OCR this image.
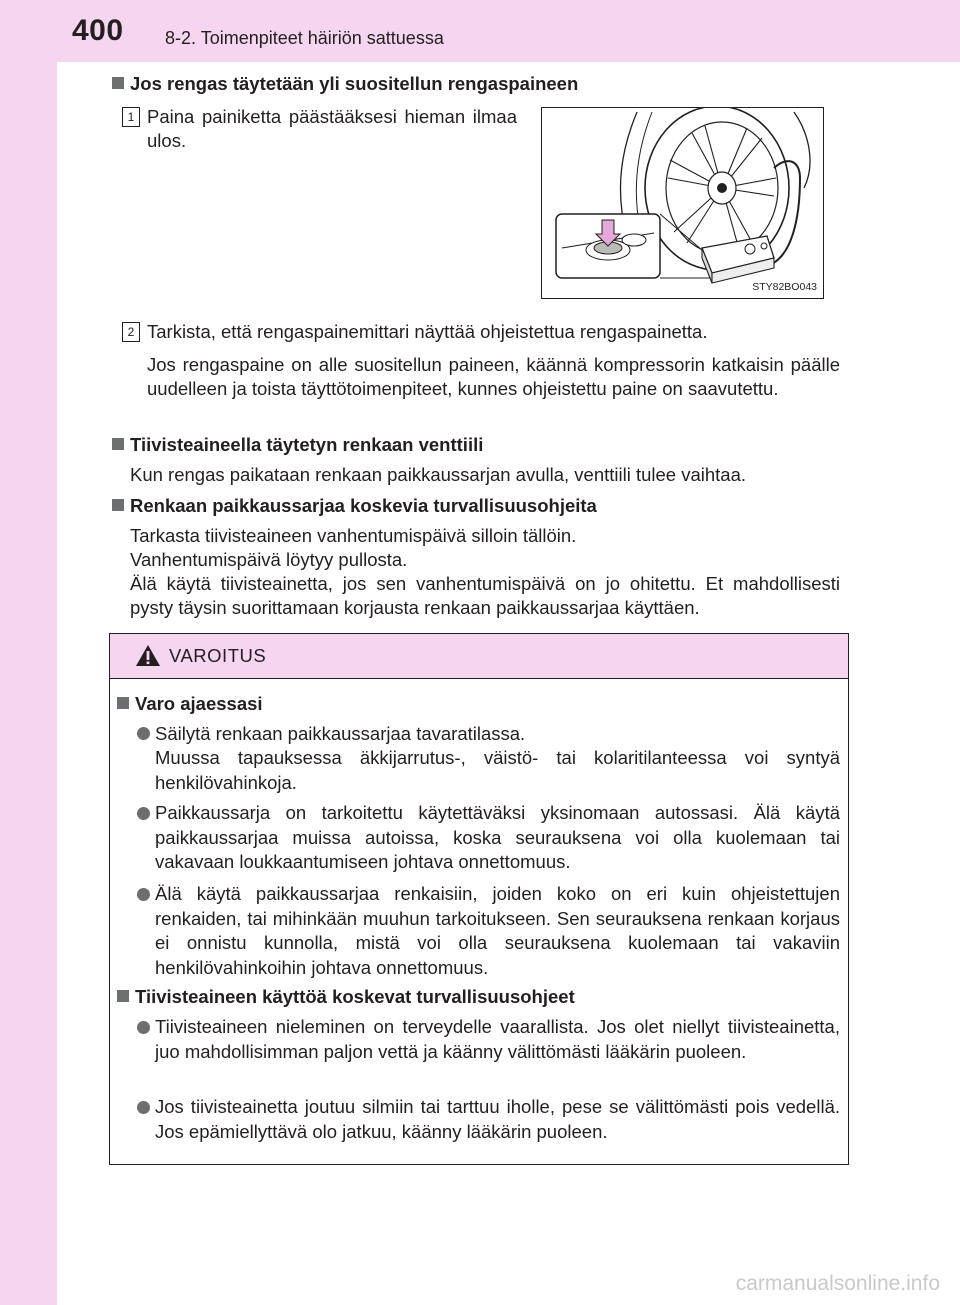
400 8-2. Toimenpiteet häiriön sattuessa
Jos rengas täytetään yli suositellun rengaspaineen
1 Paina painiketta päästääksesi hieman ilmaa ulos.
STY82BO043
2 Tarkista, että rengaspainemittari näyttää ohjeistettua rengaspainetta.
Jos rengaspaine on alle suositellun paineen, käännä kompressorin katkaisin päälle uudelleen ja toista täyttötoimenpiteet, kunnes ohjeistettu paine on saavutettu.
Tiivisteaineella täytetyn renkaan venttiili
Kun rengas paikataan renkaan paikkaussarjan avulla, venttiili tulee vaihtaa.
Renkaan paikkaussarjaa koskevia turvallisuusohjeita
Tarkasta tiivisteaineen vanhentumispäivä silloin tällöin.
Vanhentumispäivä löytyy pullosta.
Älä käytä tiivisteainetta, jos sen vanhentumispäivä on jo ohitettu. Et mahdollisesti pysty täysin suorittamaan korjausta renkaan paikkaussarjaa käyttäen.
VAROITUS
Varo ajaessasi
Säilytä renkaan paikkaussarjaa tavaratilassa.
Muussa tapauksessa äkkijarrutus-, väistö- tai kolaritilanteessa voi syntyä henkilövahinkoja.
Paikkaussarja on tarkoitettu käytettäväksi yksinomaan autossasi. Älä käytä paikkaussarjaa muissa autoissa, koska seurauksena voi olla kuolemaan tai vakavaan loukkaantumiseen johtava onnettomuus.
Älä käytä paikkaussarjaa renkaisiin, joiden koko on eri kuin ohjeistettujen renkaiden, tai mihinkään muuhun tarkoitukseen. Sen seurauksena renkaan korjaus ei onnistu kunnolla, mistä voi olla seurauksena kuolemaan tai vakaviin henkilövahinkoihin johtava onnettomuus.
Tiivisteaineen käyttöä koskevat turvallisuusohjeet
Tiivisteaineen nieleminen on terveydelle vaarallista. Jos olet niellyt tiivisteainetta, juo mahdollisimman paljon vettä ja käänny välittömästi lääkärin puoleen.
Jos tiivisteainetta joutuu silmiin tai tarttuu iholle, pese se välittömästi pois vedellä. Jos epämiellyttävä olo jatkuu, käänny lääkärin puoleen.
carmanualsonline.info
